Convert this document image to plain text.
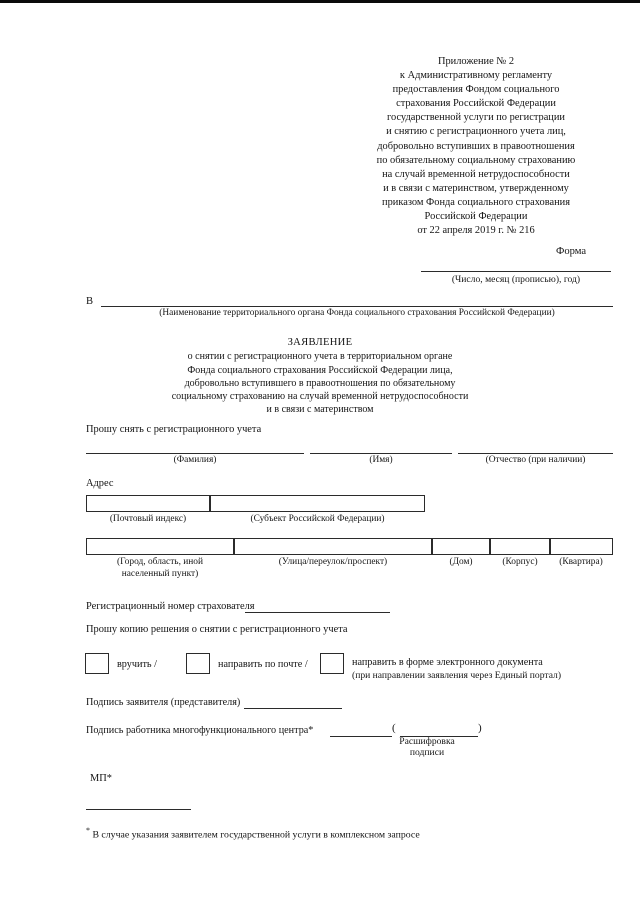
Приложение № 2
к Административному регламенту
предоставления Фондом социального
страхования Российской Федерации
государственной услуги по регистрации
и снятию с регистрационного учета лиц,
добровольно вступивших в правоотношения
по обязательному социальному страхованию
на случай временной нетрудоспособности
и в связи с материнством, утвержденному
приказом Фонда социального страхования
Российской Федерации
от 22 апреля 2019 г. № 216
Форма
(Число, месяц (прописью), год)
В
(Наименование территориального органа Фонда социального страхования Российской Федерации)
ЗАЯВЛЕНИЕ
о снятии с регистрационного учета в территориальном органе
Фонда социального страхования Российской Федерации лица,
добровольно вступившего в правоотношения по обязательному
социальному страхованию на случай временной нетрудоспособности
и в связи с материнством
Прошу снять с регистрационного учета
(Фамилия)	(Имя)	(Отчество (при наличии)
Адрес
(Почтовый индекс)	(Субъект Российской Федерации)
(Город, область, иной
населенный пункт)
(Улица/переулок/проспект)	(Дом)	(Корпус)	(Квартира)
Регистрационный номер страхователя
Прошу копию решения о снятии с регистрационного учета
вручить /	направить по почте /	направить в форме электронного документа
(при направлении заявления через Единый портал)
Подпись заявителя (представителя)
Подпись работника многофункционального центра*	(	)
Расшифровка
подписи
МП*
* В случае указания заявителем государственной услуги в комплексном запросе
